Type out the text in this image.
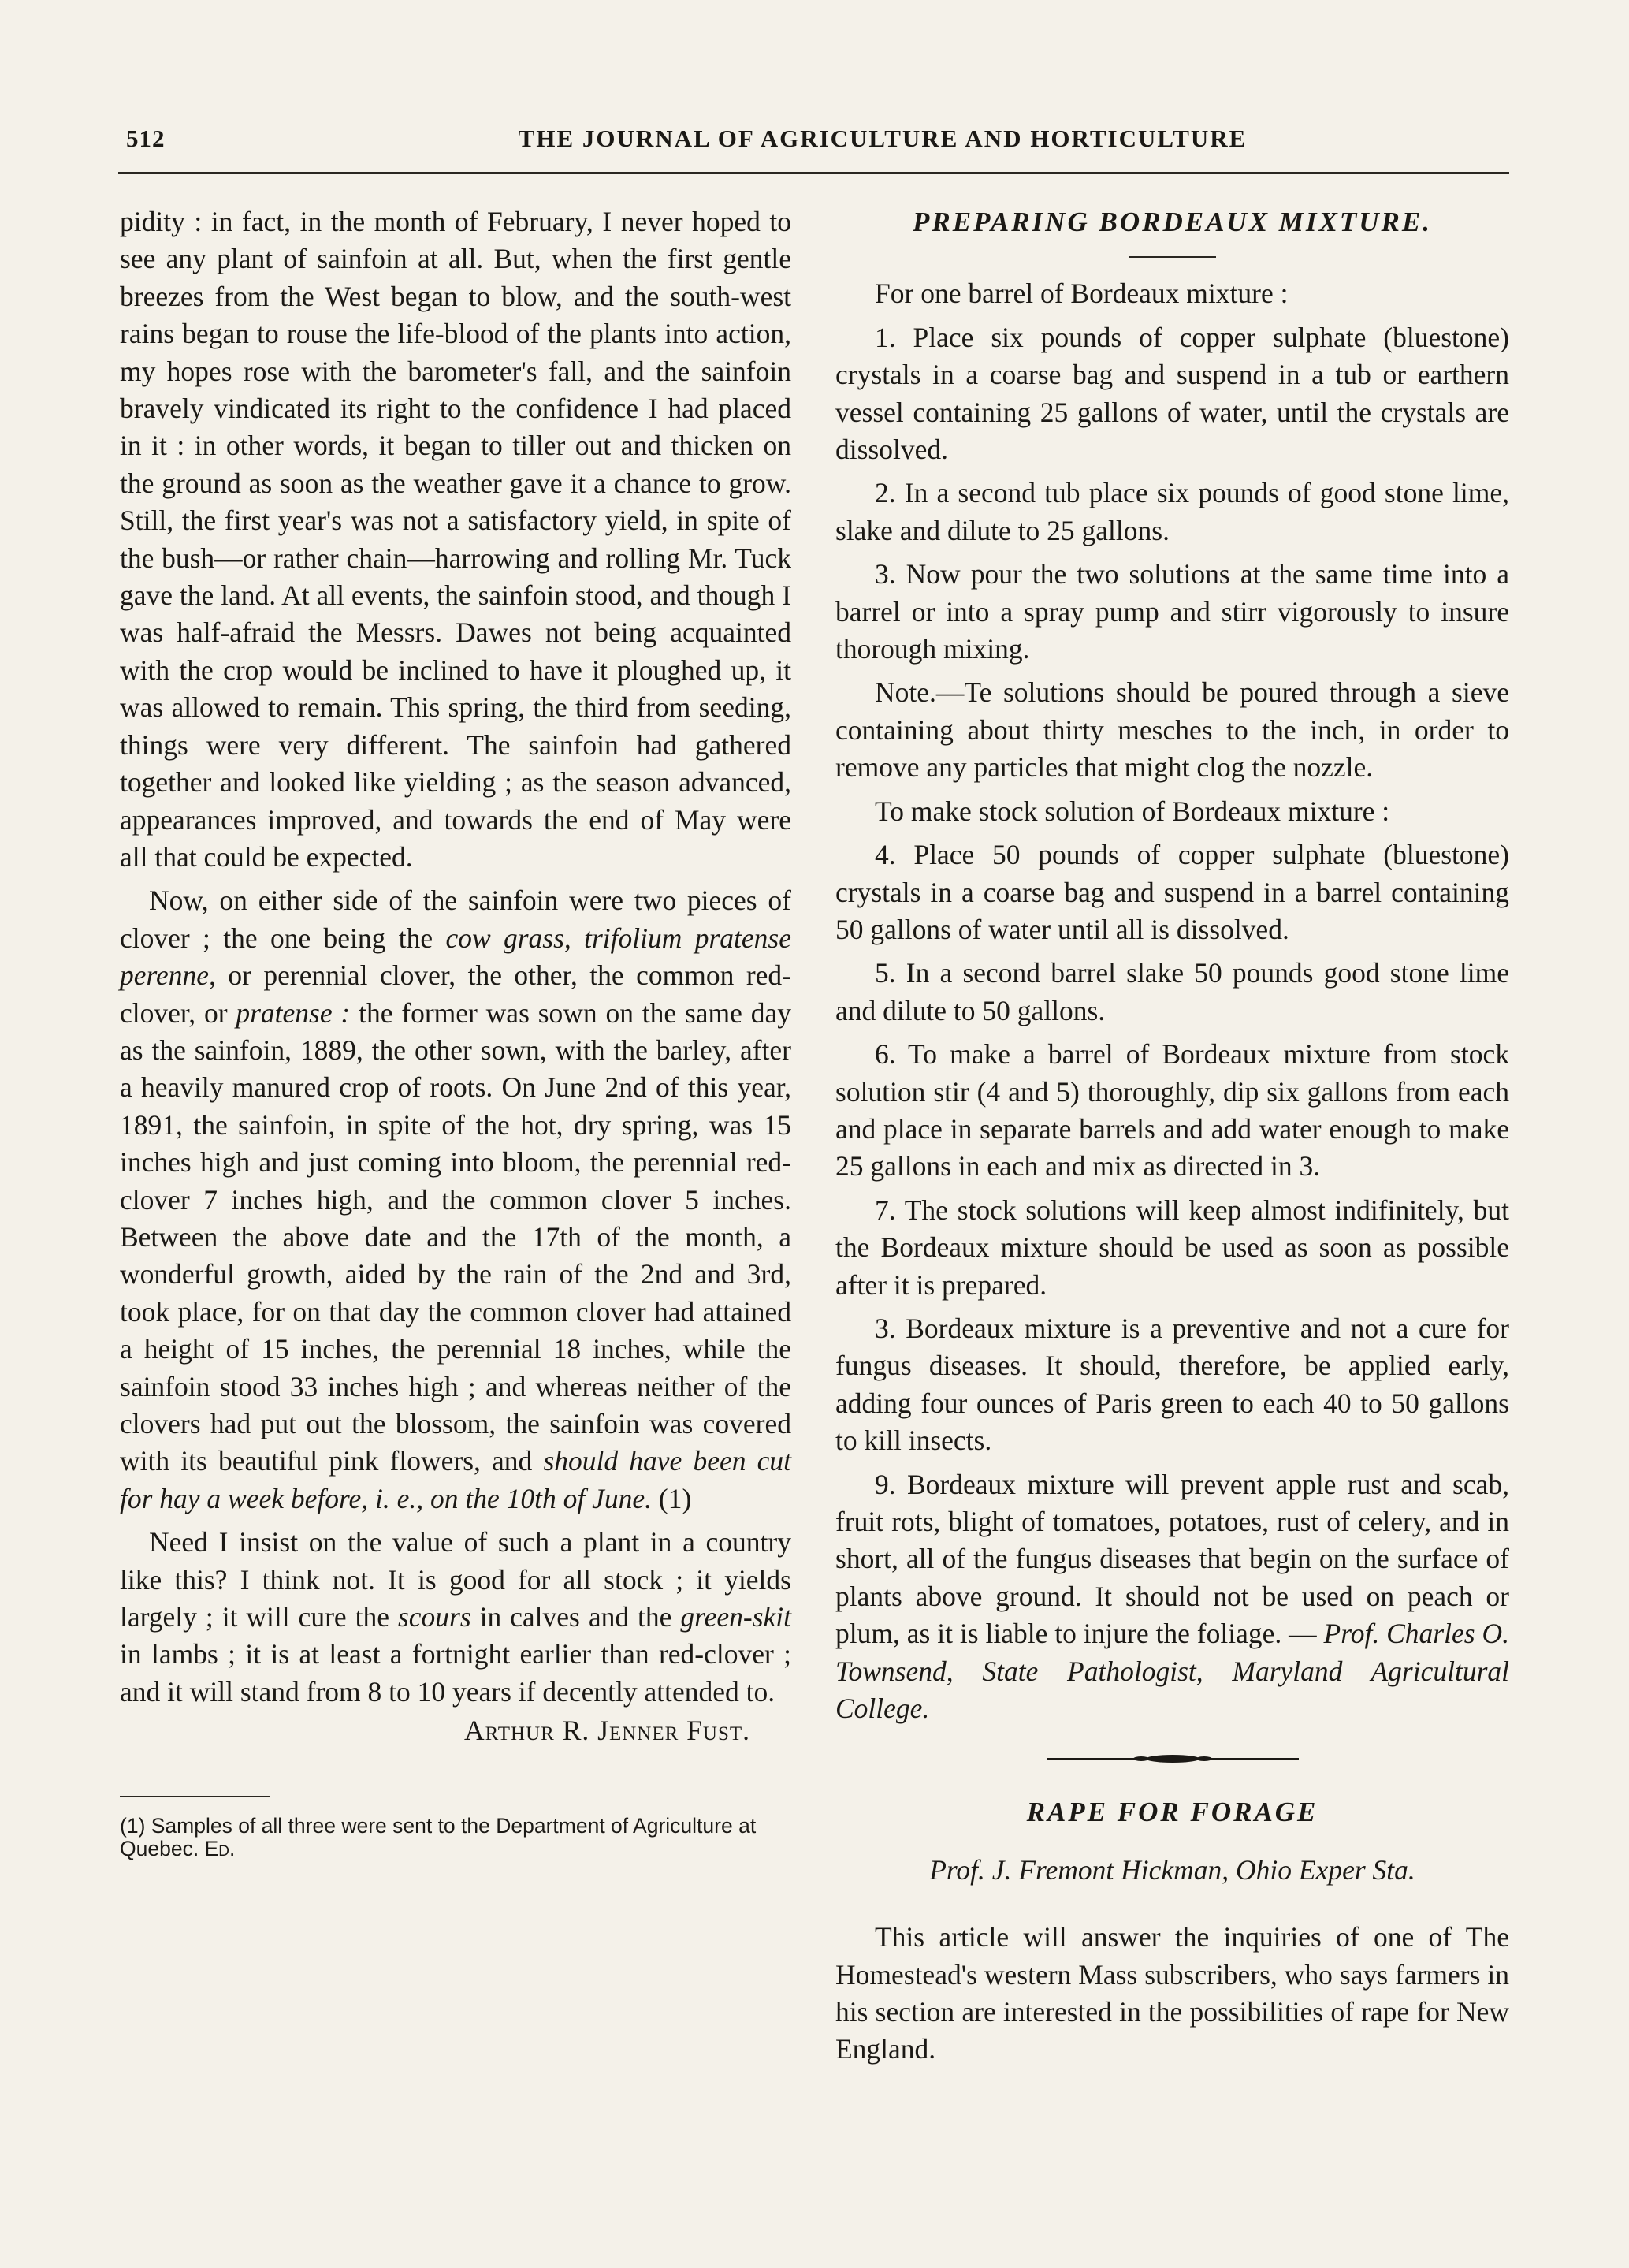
512	THE JOURNAL OF AGRICULTURE AND HORTICULTURE

pidity : in fact, in the month of February, I never hoped to see any plant of sainfoin at all. But, when the first gentle breezes from the West began to blow, and the south-west rains began to rouse the life-blood of the plants into action, my hopes rose with the barometer's fall, and the sainfoin bravely vindicated its right to the confidence I had placed in it : in other words, it began to tiller out and thicken on the ground as soon as the weather gave it a chance to grow. Still, the first year's was not a satisfactory yield, in spite of the bush—or rather chain—harrowing and rolling Mr. Tuck gave the land. At all events, the sainfoin stood, and though I was half-afraid the Messrs. Dawes not being acquainted with the crop would be inclined to have it ploughed up, it was allowed to remain. This spring, the third from seeding, things were very different. The sainfoin had gathered together and looked like yielding ; as the season advanced, appearances improved, and towards the end of May were all that could be expected.

Now, on either side of the sainfoin were two pieces of clover ; the one being the cow grass, trifolium pratense perenne, or perennial clover, the other, the common red-clover, or pratense : the former was sown on the same day as the sainfoin, 1889, the other sown, with the barley, after a heavily manured crop of roots. On June 2nd of this year, 1891, the sainfoin, in spite of the hot, dry spring, was 15 inches high and just coming into bloom, the perennial red-clover 7 inches high, and the common clover 5 inches. Between the above date and the 17th of the month, a wonderful growth, aided by the rain of the 2nd and 3rd, took place, for on that day the common clover had attained a height of 15 inches, the perennial 18 inches, while the sainfoin stood 33 inches high ; and whereas neither of the clovers had put out the blossom, the sainfoin was covered with its beautiful pink flowers, and should have been cut for hay a week before, i. e., on the 10th of June. (1)

Need I insist on the value of such a plant in a country like this? I think not. It is good for all stock ; it yields largely ; it will cure the scours in calves and the green-skit in lambs ; it is at least a fortnight earlier than red-clover ; and it will stand from 8 to 10 years if decently attended to.

Arthur R. Jenner Fust.

(1) Samples of all three were sent to the Department of Agriculture at Quebec. Ed.

PREPARING BORDEAUX MIXTURE.

For one barrel of Bordeaux mixture :

1. Place six pounds of copper sulphate (bluestone) crystals in a coarse bag and suspend in a tub or earthern vessel containing 25 gallons of water, until the crystals are dissolved.

2. In a second tub place six pounds of good stone lime, slake and dilute to 25 gallons.

3. Now pour the two solutions at the same time into a barrel or into a spray pump and stirr vigorously to insure thorough mixing.

Note.—Te solutions should be poured through a sieve containing about thirty mesches to the inch, in order to remove any particles that might clog the nozzle.

To make stock solution of Bordeaux mixture :

4. Place 50 pounds of copper sulphate (bluestone) crystals in a coarse bag and suspend in a barrel containing 50 gallons of water until all is dissolved.

5. In a second barrel slake 50 pounds good stone lime and dilute to 50 gallons.

6. To make a barrel of Bordeaux mixture from stock solution stir (4 and 5) thoroughly, dip six gallons from each and place in separate barrels and add water enough to make 25 gallons in each and mix as directed in 3.

7. The stock solutions will keep almost indifinitely, but the Bordeaux mixture should be used as soon as possible after it is prepared.

3. Bordeaux mixture is a preventive and not a cure for fungus diseases. It should, therefore, be applied early, adding four ounces of Paris green to each 40 to 50 gallons to kill insects.

9. Bordeaux mixture will prevent apple rust and scab, fruit rots, blight of tomatoes, potatoes, rust of celery, and in short, all of the fungus diseases that begin on the surface of plants above ground. It should not be used on peach or plum, as it is liable to injure the foliage. — Prof. Charles O. Townsend, State Pathologist, Maryland Agricultural College.

RAPE FOR FORAGE

Prof. J. Fremont Hickman, Ohio Exper Sta.

This article will answer the inquiries of one of The Homestead's western Mass subscribers, who says farmers in his section are interested in the possibilities of rape for New England.
